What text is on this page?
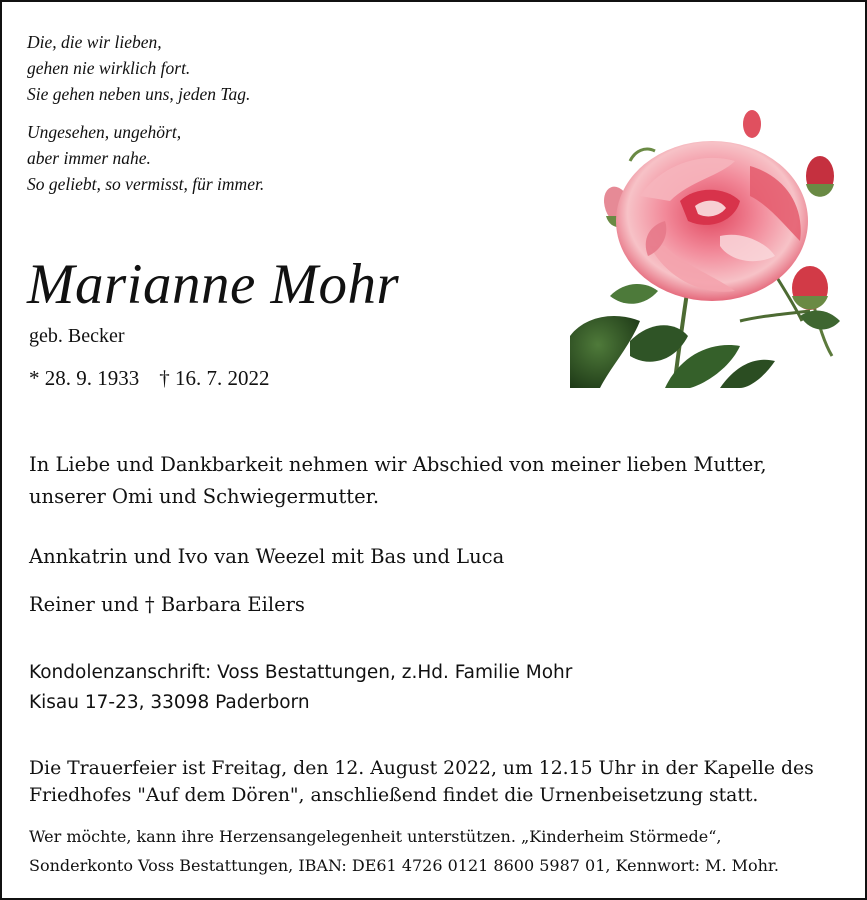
Die, die wir lieben,
gehen nie wirklich fort.
Sie gehen neben uns, jeden Tag.
Ungesehen, ungehört,
aber immer nahe.
So geliebt, so vermisst, für immer.
Marianne Mohr
geb. Becker
* 28. 9. 1933 † 16. 7. 2022
In Liebe und Dankbarkeit nehmen wir Abschied von meiner lieben Mutter,
unserer Omi und Schwiegermutter.
Annkatrin und Ivo van Weezel mit Bas und Luca
Reiner und † Barbara Eilers
Kondolenzanschrift: Voss Bestattungen, z.Hd. Familie Mohr
Kisau 17-23, 33098 Paderborn
Die Trauerfeier ist Freitag, den 12. August 2022, um 12.15 Uhr in der Kapelle des
Friedhofes "Auf dem Dören", anschließend findet die Urnenbeisetzung statt.
Wer möchte, kann ihre Herzensangelegenheit unterstützen. „Kinderheim Störmede“,
Sonderkonto Voss Bestattungen, IBAN: DE61 4726 0121 8600 5987 01, Kennwort: M. Mohr.
